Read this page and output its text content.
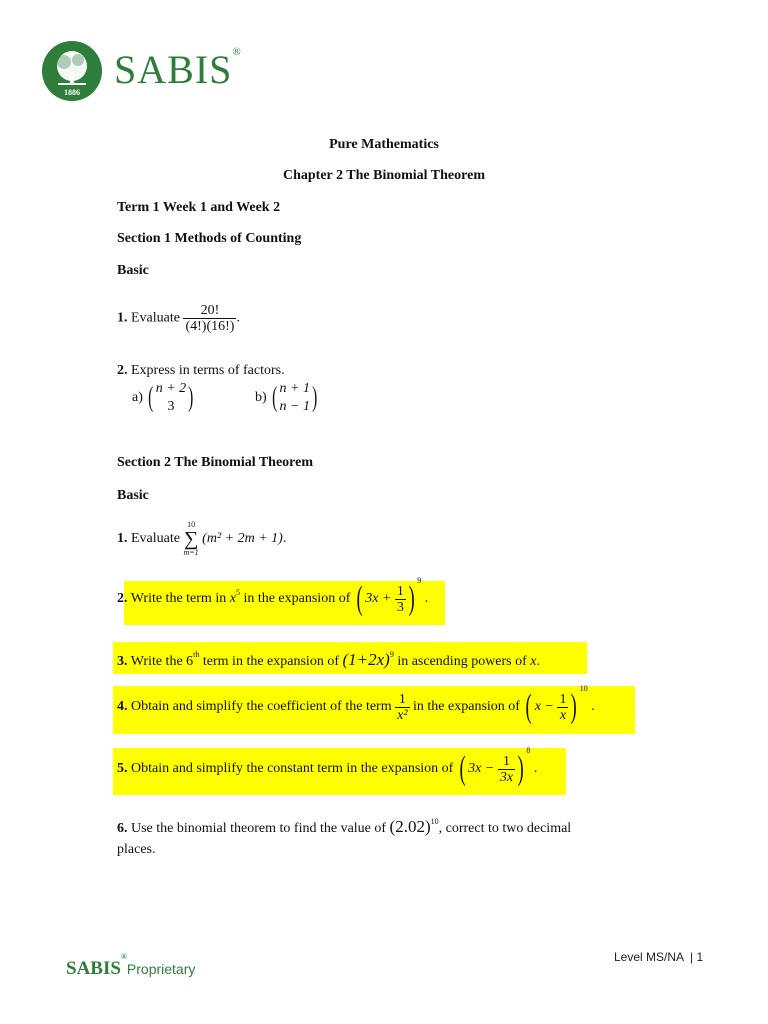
1886
SABIS®
Pure Mathematics
Chapter 2 The Binomial Theorem
Term 1 Week 1 and Week 2
Section 1 Methods of Counting
Basic
1. Evaluate $\frac{20!}{(4!)(16!)}$ .
2. Express in terms of factors.
a) ( n + 2
3 )	b) ( n + 1
n − 1 )
Section 2 The Binomial Theorem
Basic
1. Evaluate
10
∑
m=1
(m² + 2m + 1).
2. Write the term in $x^5$ in the expansion of ( $3x + \frac{1}{3}$ ) $^9$ .
3. Write the 6th term in the expansion of $(1+2x)^9$ in ascending powers of x.
4. Obtain and simplify the coefficient of the term $\frac{1}{\text{x²}}$ in the expansion of ( $x - \frac{1}{x}$ ) $^{10}$ .
5. Obtain and simplify the constant term in the expansion of ( $3x - \frac{1}{3x}$ ) $^8$ .
6. Use the binomial theorem to find the value of $(2.02)^{10}$, correct to two decimal
places.
Level MS/NA  | 1
SABIS®Proprietary
